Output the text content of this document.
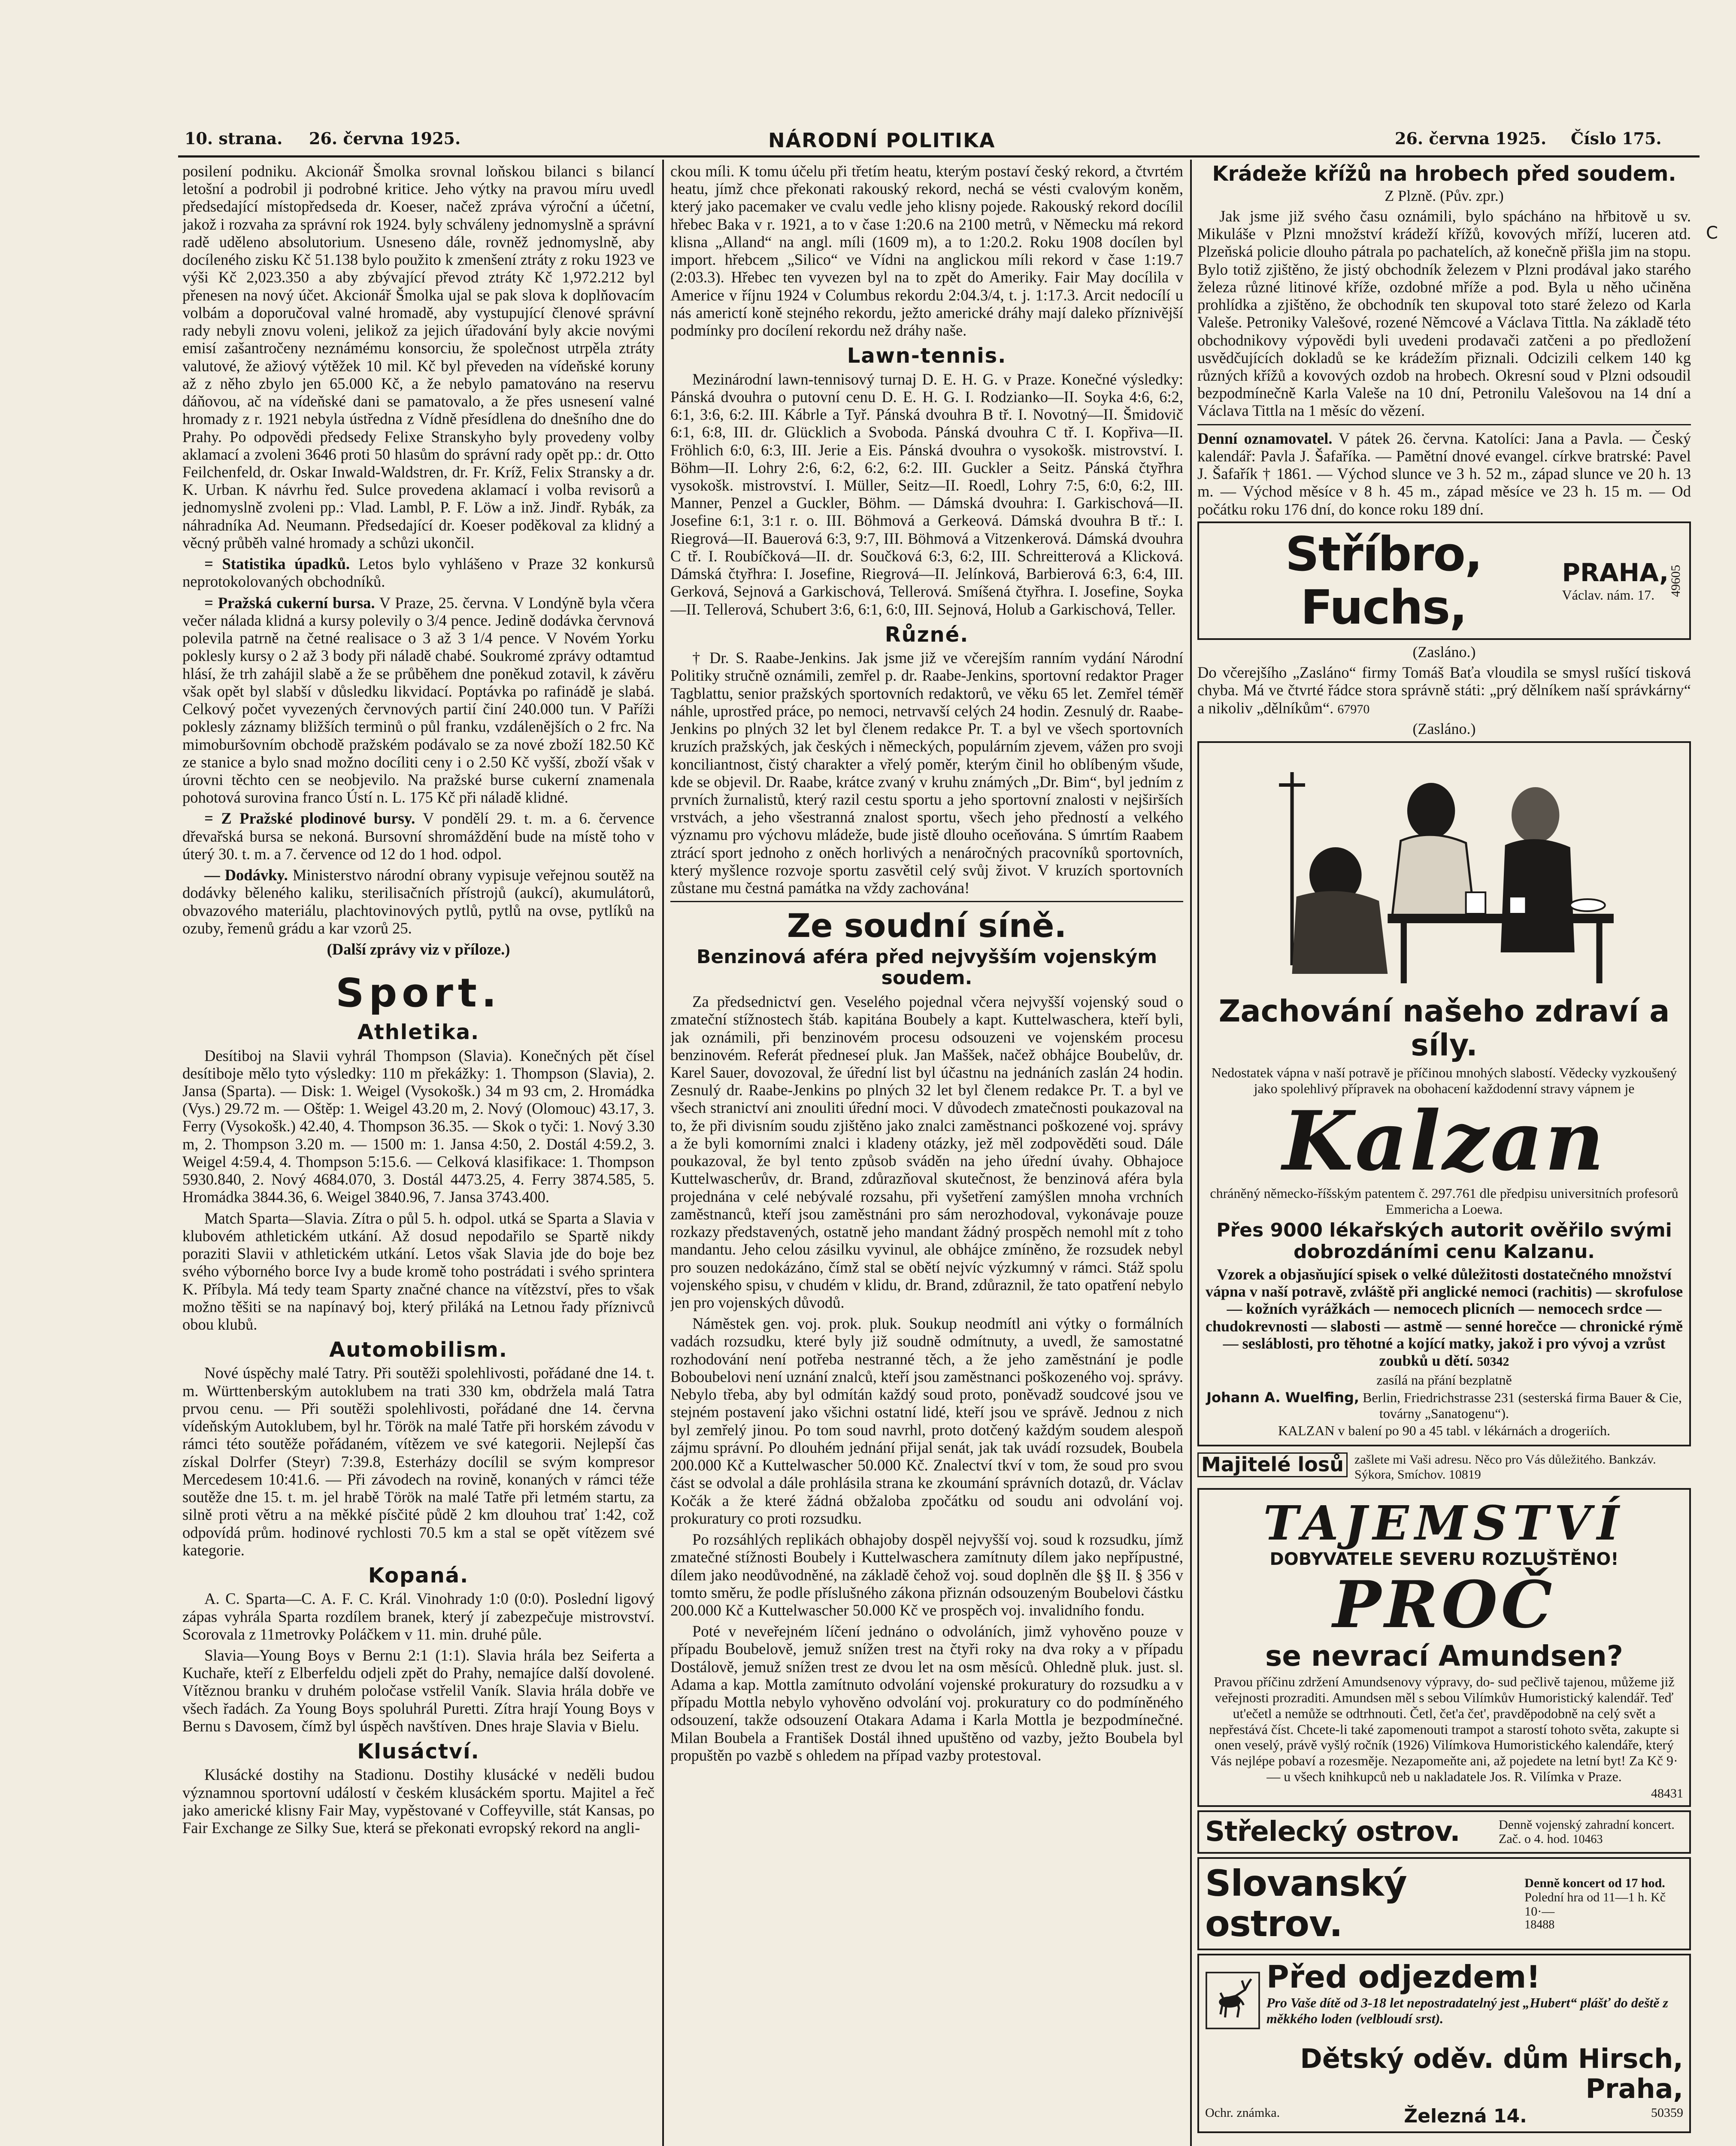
10. strana. 26. června 1925.	NÁRODNÍ POLITIKA	26. června 1925. Číslo 175.

posilení podniku. Akcionář Šmolka srovnal loňskou bilanci s bilancí letošní a podrobil ji podrobné kritice. Jeho výtky na pravou míru uvedl předsedající místopředseda dr. Koeser, načež zpráva výroční a účetní, jakož i rozvaha za správní rok 1924. byly schváleny jednomyslně a správní radě uděleno absolutorium. Usneseno dále, rovněž jednomyslně, aby docíleného zisku Kč 51.138 bylo použito k zmenšení ztráty z roku 1923 ve výši Kč 2,023.350 a aby zbývající převod ztráty Kč 1,972.212 byl přenesen na nový účet. Akcionář Šmolka ujal se pak slova k doplňovacím volbám a doporučoval valné hromadě, aby vystupující členové správní rady nebyli znovu voleni, jelikož za jejich úřadování byly akcie novými emisí zašantročeny neznámému konsorciu, že společnost utrpěla ztráty valutové, že ažiový výtěžek 10 mil. Kč byl převeden na vídeňské koruny až z něho zbylo jen 65.000 Kč, a že nebylo pamatováno na reservu dáňovou, ač na vídeňské dani se pamatovalo, a že přes usnesení valné hromady z r. 1921 nebyla ústředna z Vídně přesídlena do dnešního dne do Prahy. Po odpovědi předsedy Felixe Stranskyho byly provedeny volby aklamací a zvoleni 3646 proti 50 hlasům do správní rady opět pp.: dr. Otto Feilchenfeld, dr. Oskar Inwald-Waldstren, dr. Fr. Kríž, Felix Stransky a dr. K. Urban. K návrhu řed. Sulce provedena aklamací i volba revisorů a jednomyslně zvoleni pp.: Vlad. Lambl, P. F. Löw a inž. Jindř. Rybák, za náhradníka Ad. Neumann. Předsedající dr. Koeser poděkoval za klidný a věcný průběh valné hromady a schůzi ukončil.

= Statistika úpadků. Letos bylo vyhlášeno v Praze 32 konkursů neprotokolovaných obchodníků.

= Pražská cukerní bursa. V Praze, 25. června. V Londýně byla včera večer nálada klidná a kursy polevily o 3/4 pence. Jedině dodávka červnová polevila patrně na četné realisace o 3 až 3 1/4 pence. V Novém Yorku poklesly kursy o 2 až 3 body při náladě chabé. Soukromé zprávy odtamtud hlásí, že trh zahájil slabě a že se průběhem dne poněkud zotavil, k závěru však opět byl slabší v důsledku likvidací. Poptávka po rafinádě je slabá. Celkový počet vyvezených červnových partií činí 240.000 tun. V Paříži poklesly záznamy bližších terminů o půl franku, vzdálenějších o 2 frc. Na mimoburšovním obchodě pražském podávalo se za nové zboží 182.50 Kč ze stanice a bylo snad možno docíliti ceny i o 2.50 Kč vyšší, zboží však v úrovni těchto cen se neobjevilo. Na pražské burse cukerní znamenala pohotová surovina franco Ústí n. L. 175 Kč při náladě klidné.

= Z Pražské plodinové bursy. V pondělí 29. t. m. a 6. července dřevařská bursa se nekoná. Bursovní shromáždění bude na místě toho v úterý 30. t. m. a 7. července od 12 do 1 hod. odpol.

— Dodávky. Ministerstvo národní obrany vypisuje veřejnou soutěž na dodávky běleného kaliku, sterilisačních přístrojů (aukcí), akumulátorů, obvazového materiálu, plachtovinových pytlů, pytlů na ovse, pytlíků na ozuby, řemenů grádu a kar vzorů 25.

(Další zprávy viz v příloze.)
Sport.
Athletika.

Desítiboj na Slavii vyhrál Thompson (Slavia). Konečných pět čísel desítiboje mělo tyto výsledky: 110 m překážky: 1. Thompson (Slavia), 2. Jansa (Sparta). — Disk: 1. Weigel (Vysokošk.) 34 m 93 cm, 2. Hromádka (Vys.) 29.72 m. — Oštěp: 1. Weigel 43.20 m, 2. Nový (Olomouc) 43.17, 3. Ferry (Vysokošk.) 42.40, 4. Thompson 36.35. — Skok o tyči: 1. Nový 3.30 m, 2. Thompson 3.20 m. — 1500 m: 1. Jansa 4:50, 2. Dostál 4:59.2, 3. Weigel 4:59.4, 4. Thompson 5:15.6. — Celková klasifikace: 1. Thompson 5930.840, 2. Nový 4684.070, 3. Dostál 4473.25, 4. Ferry 3874.585, 5. Hromádka 3844.36, 6. Weigel 3840.96, 7. Jansa 3743.400.

Match Sparta—Slavia. Zítra o půl 5. h. odpol. utká se Sparta a Slavia v klubovém athletickém utkání. Až dosud nepodařilo se Spartě nikdy poraziti Slavii v athletickém utkání. Letos však Slavia jde do boje bez svého výborného borce Ivy a bude kromě toho postrádati i svého sprintera K. Příbyla. Má tedy team Sparty značné chance na vítězství, přes to však možno těšiti se na napínavý boj, který přiláká na Letnou řady příznivců obou klubů.

Automobilism.

Nové úspěchy malé Tatry. Při soutěži spolehlivosti, pořádané dne 14. t. m. Württenberským autoklubem na trati 330 km, obdržela malá Tatra prvou cenu. — Při soutěži spolehlivosti, pořádané dne 14. června vídeňským Autoklubem, byl hr. Török na malé Tatře při horském závodu v rámci této soutěže pořádaném, vítězem ve své kategorii. Nejlepší čas získal Dolrfer (Steyr) 7:39.8, Esterházy docílil se svým kompresor Mercedesem 10:41.6. — Při závodech na rovině, konaných v rámci téže soutěže dne 15. t. m. jel hrabě Török na malé Tatře při letmém startu, za silně proti větru a na měkké písčité půdě 2 km dlouhou trať 1:42, což odpovídá prům. hodinové rychlosti 70.5 km a stal se opět vítězem své kategorie.

Kopaná.

A. C. Sparta—C. A. F. C. Král. Vinohrady 1:0 (0:0). Poslední ligový zápas vyhrála Sparta rozdílem branek, který jí zabezpečuje mistrovství. Scorovala z 11metrovky Poláčkem v 11. min. druhé půle.

Slavia—Young Boys v Bernu 2:1 (1:1). Slavia hrála bez Seiferta a Kuchaře, kteří z Elberfeldu odjeli zpět do Prahy, nemajíce další dovolené. Vítěznou branku v druhém poločase vstřelil Vaník. Slavia hrála dobře ve všech řadách. Za Young Boys spoluhrál Puretti. Zítra hrají Young Boys v Bernu s Davosem, čímž byl úspěch navštíven. Dnes hraje Slavia v Bielu.

Klusáctví.

Klusácké dostihy na Stadionu. Dostihy klusácké v neděli budou významnou sportovní událostí v českém klusáckém sportu. Majitel a řeč jako americké klisny Fair May, vypěstované v Coffeyville, stát Kansas, po Fair Exchange ze Silky Sue, která se překonati evropský rekord na angli-

ckou míli. K tomu účelu při třetím heatu, kterým postaví český rekord, a čtvrtém heatu, jímž chce překonati rakouský rekord, nechá se vésti cvalovým koněm, který jako pacemaker ve cvalu vedle jeho klisny pojede. Rakouský rekord docílil hřebec Baka v r. 1921, a to v čase 1:20.6 na 2100 metrů, v Německu má rekord klisna „Alland“ na angl. míli (1609 m), a to 1:20.2. Roku 1908 docílen byl import. hřebcem „Silico“ ve Vídni na anglickou míli rekord v čase 1:19.7 (2:03.3). Hřebec ten vyvezen byl na to zpět do Ameriky. Fair May docílila v Americe v říjnu 1924 v Columbus rekordu 2:04.3/4, t. j. 1:17.3. Arcit nedocílí u nás americtí koně stejného rekordu, ježto americké dráhy mají daleko příznivější podmínky pro docílení rekordu než dráhy naše.

Lawn-tennis.

Mezinárodní lawn-tennisový turnaj D. E. H. G. v Praze. Konečné výsledky: Pánská dvouhra o putovní cenu D. E. H. G. I. Rodzianko—II. Soyka 4:6, 6:2, 6:1, 3:6, 6:2. III. Kábrle a Tyř. Pánská dvouhra B tř. I. Novotný—II. Šmidovič 6:1, 6:8, III. dr. Glücklich a Svoboda. Pánská dvouhra C tř. I. Kopřiva—II. Fröhlich 6:0, 6:3, III. Jerie a Eis. Pánská dvouhra o vysokošk. mistrovství. I. Böhm—II. Lohry 2:6, 6:2, 6:2, 6:2. III. Guckler a Seitz. Pánská čtyřhra vysokošk. mistrovství. I. Müller, Seitz—II. Roedl, Lohry 7:5, 6:0, 6:2, III. Manner, Penzel a Guckler, Böhm. — Dámská dvouhra: I. Garkischová—II. Josefine 6:1, 3:1 r. o. III. Böhmová a Gerkeová. Dámská dvouhra B tř.: I. Riegrová—II. Bauerová 6:3, 9:7, III. Böhmová a Vitzenkerová. Dámská dvouhra C tř. I. Roubíčková—II. dr. Součková 6:3, 6:2, III. Schreitterová a Klicková. Dámská čtyřhra: I. Josefine, Riegrová—II. Jelínková, Barbierová 6:3, 6:4, III. Gerková, Sejnová a Garkischová, Tellerová. Smíšená čtyřhra. I. Josefine, Soyka—II. Tellerová, Schubert 3:6, 6:1, 6:0, III. Sejnová, Holub a Garkischová, Teller.

Různé.

† Dr. S. Raabe-Jenkins. Jak jsme již ve včerejším ranním vydání Národní Politiky stručně oznámili, zemřel p. dr. Raabe-Jenkins, sportovní redaktor Prager Tagblattu, senior pražských sportovních redaktorů, ve věku 65 let. Zemřel téměř náhle, uprostřed práce, po nemoci, netrvavší celých 24 hodin. Zesnulý dr. Raabe-Jenkins po plných 32 let byl členem redakce Pr. T. a byl ve všech sportovních kruzích pražských, jak českých i německých, populárním zjevem, vážen pro svoji konciliantnost, čistý charakter a vřelý poměr, kterým činil ho oblíbeným všude, kde se objevil. Dr. Raabe, krátce zvaný v kruhu známých „Dr. Bim“, byl jedním z prvních žurnalistů, který razil cestu sportu a jeho sportovní znalosti v nejširších vrstvách, a jeho všestranná znalost sportu, všech jeho předností a velkého významu pro výchovu mládeže, bude jistě dlouho oceňována. S úmrtím Raabem ztrácí sport jednoho z oněch horlivých a nenáročných pracovníků sportovních, který myšlence rozvoje sportu zasvětil celý svůj život. V kruzích sportovních zůstane mu čestná památka na vždy zachována!

Ze soudní síně.
Benzinová aféra před nejvyšším vojenským soudem.

Za předsednictví gen. Veselého pojednal včera nejvyšší vojenský soud o zmateční stížnostech štáb. kapitána Boubely a kapt. Kuttelwaschera, kteří byli, jak oznámili, při benzinovém procesu odsouzeni ve vojenském procesu benzinovém. Referát předneseí pluk. Jan Maššek, načež obhájce Boubelův, dr. Karel Sauer, dovozoval, že úřední list byl účastnu na jednáních zaslán 24 hodin. Zesnulý dr. Raabe-Jenkins po plných 32 let byl členem redakce Pr. T. a byl ve všech stranictví ani znouliti úřední moci. V důvodech zmatečnosti poukazoval na to, že při divisním soudu zjištěno jako znalci zaměstnanci poškozené voj. správy a že byli komorními znalci i kladeny otázky, jež měl zodpověděti soud. Dále poukazoval, že byl tento způsob sváděn na jeho úřední úvahy. Obhajoce Kuttelwascherův, dr. Brand, zdůrazňoval skutečnost, že benzinová aféra byla projednána v celé nebývalé rozsahu, při vyšetření zamýšlen mnoha vrchních zaměstnanců, kteří jsou zaměstnáni pro sám nerozhodoval, vykonávaje pouze rozkazy představených, ostatně jeho mandant žádný prospěch nemohl mít z toho mandantu. Jeho celou zásilku vyvinul, ale obhájce zmíněno, že rozsudek nebyl pro souzen nedokázáno, čímž stal se obětí nejvíc výzkumný v rámci. Stáž spolu vojenského spisu, v chudém v klidu, dr. Brand, zdůraznil, že tato opatření nebylo jen pro vojenských důvodů.

Náměstek gen. voj. prok. pluk. Soukup neodmítl ani výtky o formálních vadách rozsudku, které byly již soudně odmítnuty, a uvedl, že samostatné rozhodování není potřeba nestranné těch, a že jeho zaměstnání je podle Boboubelovi není uznání znalců, kteří jsou zaměstnanci poškozeného voj. správy. Nebylo třeba, aby byl odmítán každý soud proto, poněvadž soudcové jsou ve stejném postavení jako všichni ostatní lidé, kteří jsou ve správě. Jednou z nich byl zemřelý jinou. Po tom soud navrhl, proto dotčený každým soudem alespoň zájmu správní. Po dlouhém jednání přijal senát, jak tak uvádí rozsudek, Boubela 200.000 Kč a Kuttelwascher 50.000 Kč. Znalectví tkví v tom, že soud pro svou část se odvolal a dále prohlásila strana ke zkoumání správních dotazů, dr. Václav Kočák a že které žádná obžaloba zpočátku od soudu ani odvolání voj. prokuratury co proti rozsudku.

Po rozsáhlých replikách obhajoby dospěl nejvyšší voj. soud k rozsudku, jímž zmatečné stížnosti Boubely i Kuttelwaschera zamítnuty dílem jako nepřípustné, dílem jako neodůvodněné, na základě čehož voj. soud doplněn dle §§ II. § 356 v tomto směru, že podle příslušného zákona přiznán odsouzeným Boubelovi částku 200.000 Kč a Kuttelwascher 50.000 Kč ve prospěch voj. invalidního fondu.

Poté v neveřejném líčení jednáno o odvoláních, jimž vyhověno pouze v případu Boubelově, jemuž snížen trest na čtyři roky na dva roky a v případu Dostálově, jemuž snížen trest ze dvou let na osm měsíců. Ohledně pluk. just. sl. Adama a kap. Mottla zamítnuto odvolání vojenské prokuratury do rozsudku a v případu Mottla nebylo vyhověno odvolání voj. prokuratury co do podmíněného odsouzení, takže odsouzení Otakara Adama i Karla Mottla je bezpodmínečné. Milan Boubela a František Dostál ihned upuštěno od vazby, ježto Boubela byl propuštěn po vazbě s ohledem na případ vazby protestoval.

Krádeže křížů na hrobech před soudem.
Z Plzně. (Pův. zpr.)

Jak jsme již svého času oznámili, bylo spácháno na hřbitově u sv. Mikuláše v Plzni množství krádeží křížů, kovových mříží, luceren atd. Plzeňská policie dlouho pátrala po pachatelích, až konečně přišla jim na stopu. Bylo totiž zjištěno, že jistý obchodník železem v Plzni prodával jako starého železa různé litinové kříže, ozdobné mříže a pod. Byla u něho učiněna prohlídka a zjištěno, že obchodník ten skupoval toto staré železo od Karla Valeše. Petroniky Valešové, rozené Němcové a Václava Tittla. Na základě této obchodnikovy výpovědi byli uvedeni prodavači zatčeni a po předložení usvědčujících dokladů se ke krádežím přiznali. Odcizili celkem 140 kg různých křížů a kovových ozdob na hrobech. Okresní soud v Plzni odsoudil bezpodmínečně Karla Valeše na 10 dní, Petronilu Valešovou na 14 dní a Václava Tittla na 1 měsíc do vězení.

Denní oznamovatel. V pátek 26. června. Katolíci: Jana a Pavla. — Český kalendář: Pavla J. Šafaříka. — Pamětní dnové evangel. církve bratrské: Pavel J. Šafařík † 1861. — Východ slunce ve 3 h. 52 m., západ slunce ve 20 h. 13 m. — Východ měsíce v 8 h. 45 m., západ měsíce ve 23 h. 15 m. — Od počátku roku 176 dní, do konce roku 189 dní.

Stříbro, Fuchs,
PRAHA,
Václav. nám. 17.	49605
(Zasláno.)

Do včerejšího „Zasláno“ firmy Tomáš Baťa vloudila se smysl rušící tisková chyba. Má ve čtvrté řádce stora správně státi: „prý dělníkem naší správkárny“ a nikoliv „dělníkům“. 67970

(Zasláno.)
Zachování našeho zdraví a síly.
Nedostatek vápna v naší potravě je příčinou mnohých slabostí. Vědecky vyzkoušený jako spolehlivý přípravek na obohacení každodenní stravy vápnem je
Kalzan
chráněný německo-říšským patentem č. 297.761 dle předpisu universitních profesorů Emmericha a Loewa.
Přes 9000 lékařských autorit ověřilo svými dobrozdáními cenu Kalzanu.
Vzorek a objasňující spisek o velké důležitosti dostatečného množství vápna v naší potravě, zvláště při anglické nemoci (rachitis) — skrofulose — kožních vyrážkách — nemocech plicních — nemocech srdce — chudokrevnosti — slabosti — astmě — senné horečce — chronické rýmě — sesláblosti, pro těhotné a kojící matky, jakož i pro vývoj a vzrůst zoubků u dětí. 50342
zasílá na přání bezplatně
Johann A. Wuelfing, Berlin, Friedrichstrasse 231 (sesterská firma Bauer & Cie, továrny „Sanatogenu“).
KALZAN v balení po 90 a 45 tabl. v lékárnách a drogeriích.
Majitelé losů zašlete mi Vaši adresu. Něco pro Vás důležitého. Bankzáv. Sýkora, Smíchov. 10819
TAJEMSTVÍ
DOBYVATELE SEVERU ROZLUŠTĚNO!
PROČ
se nevrací Amundsen?
Pravou příčinu zdržení Amundsenovy výpravy, do- sud pečlivě tajenou, můžeme již veřejnosti prozraditi. Amundsen měl s sebou Vilímkův Humoristický kalendář. Teď ut'ečetl a nemůže se odtrhnouti. Četl, čet'a čet', pravděpodobně na celý svět a nepřestává číst. Chcete-li také zapomenouti trampot a starostí tohoto světa, zakupte si onen veselý, právě vyšlý ročník (1926) Vilímkova Humoristického kalendáře, který Vás nejlépe pobaví a rozesměje. Nezapomeňte ani, až pojedete na letní byt! Za Kč 9·— u všech knihkupců neb u nakladatele Jos. R. Vilímka v Praze.
48431
Střelecký ostrov.	Denně vojenský zahradní koncert. Zač. o 4. hod. 10463
Slovanský ostrov.
Denně koncert od 17 hod.
Polední hra od 11—1 h. Kč 10·—
18488
Před odjezdem!
Pro Vaše dítě od 3-18 let nepostradatelný jest „Hubert“ plášť do deště z měkkého loden (velbloudí srst).
Dětský oděv. dům Hirsch, Praha,
Ochr. známka.	Železná 14.	50359
C
